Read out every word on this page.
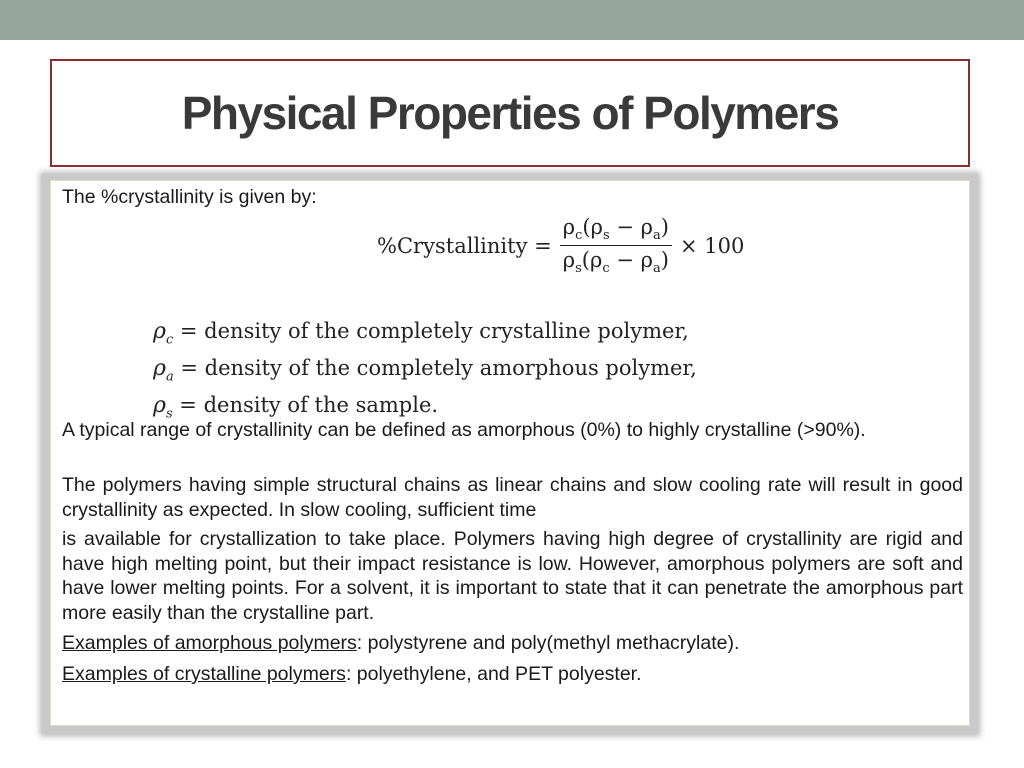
Physical Properties of Polymers

The %crystallinity is given by:

%Crystallinity = $\frac{\rho_c(\rho_s - \rho_a)}{\rho_s(\rho_c - \rho_a)} \times 100$
$\rho_c$ = density of the completely crystalline polymer,
$\rho_a$ = density of the completely amorphous polymer,
$\rho_s$ = density of the sample.

A typical range of crystallinity can be defined as amorphous (0%) to highly crystalline (>90%).

The polymers having simple structural chains as linear chains and slow cooling rate will result in good crystallinity as expected. In slow cooling, sufficient time

is available for crystallization to take place. Polymers having high degree of crystallinity are rigid and have high melting point, but their impact resistance is low. However, amorphous polymers are soft and have lower melting points. For a solvent, it is important to state that it can penetrate the amorphous part more easily than the crystalline part.

Examples of amorphous polymers: polystyrene and poly(methyl methacrylate).

Examples of crystalline polymers: polyethylene, and PET polyester.
